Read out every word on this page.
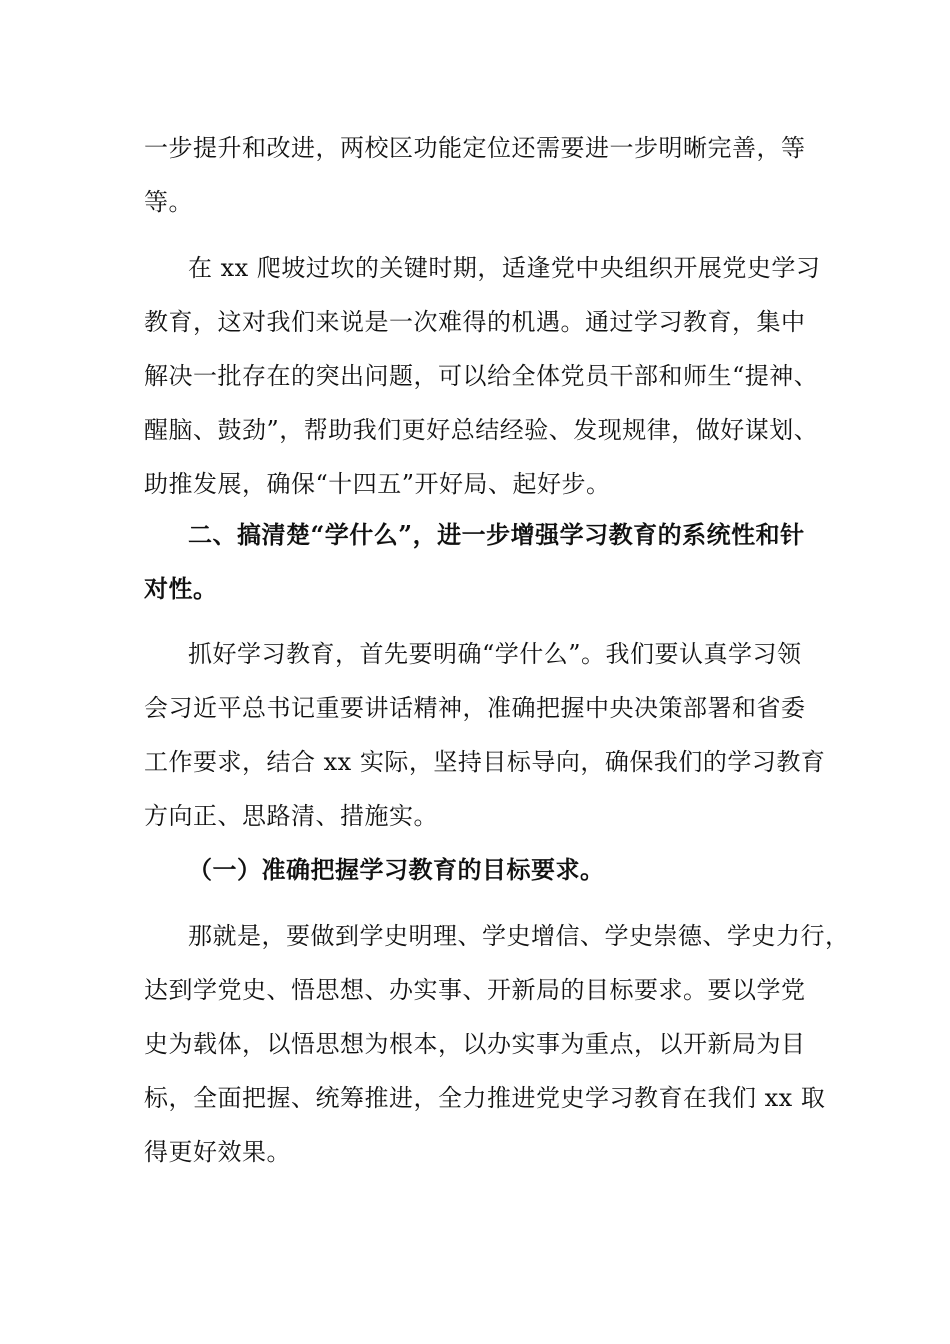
一步提升和改进，两校区功能定位还需要进一步明晰完善，等
等。
在 xx 爬坡过坎的关键时期，适逢党中央组织开展党史学习
教育，这对我们来说是一次难得的机遇。通过学习教育，集中
解决一批存在的突出问题，可以给全体党员干部和师生“提神、
醒脑、鼓劲”，帮助我们更好总结经验、发现规律，做好谋划、
助推发展，确保“十四五”开好局、起好步。
二、搞清楚“学什么”，进一步增强学习教育的系统性和针
对性。
抓好学习教育，首先要明确“学什么”。我们要认真学习领
会习近平总书记重要讲话精神，准确把握中央决策部署和省委
工作要求，结合 xx 实际，坚持目标导向，确保我们的学习教育
方向正、思路清、措施实。
（一）准确把握学习教育的目标要求。
那就是，要做到学史明理、学史增信、学史崇德、学史力行，
达到学党史、悟思想、办实事、开新局的目标要求。要以学党
史为载体，以悟思想为根本，以办实事为重点，以开新局为目
标，全面把握、统筹推进，全力推进党史学习教育在我们 xx 取
得更好效果。
